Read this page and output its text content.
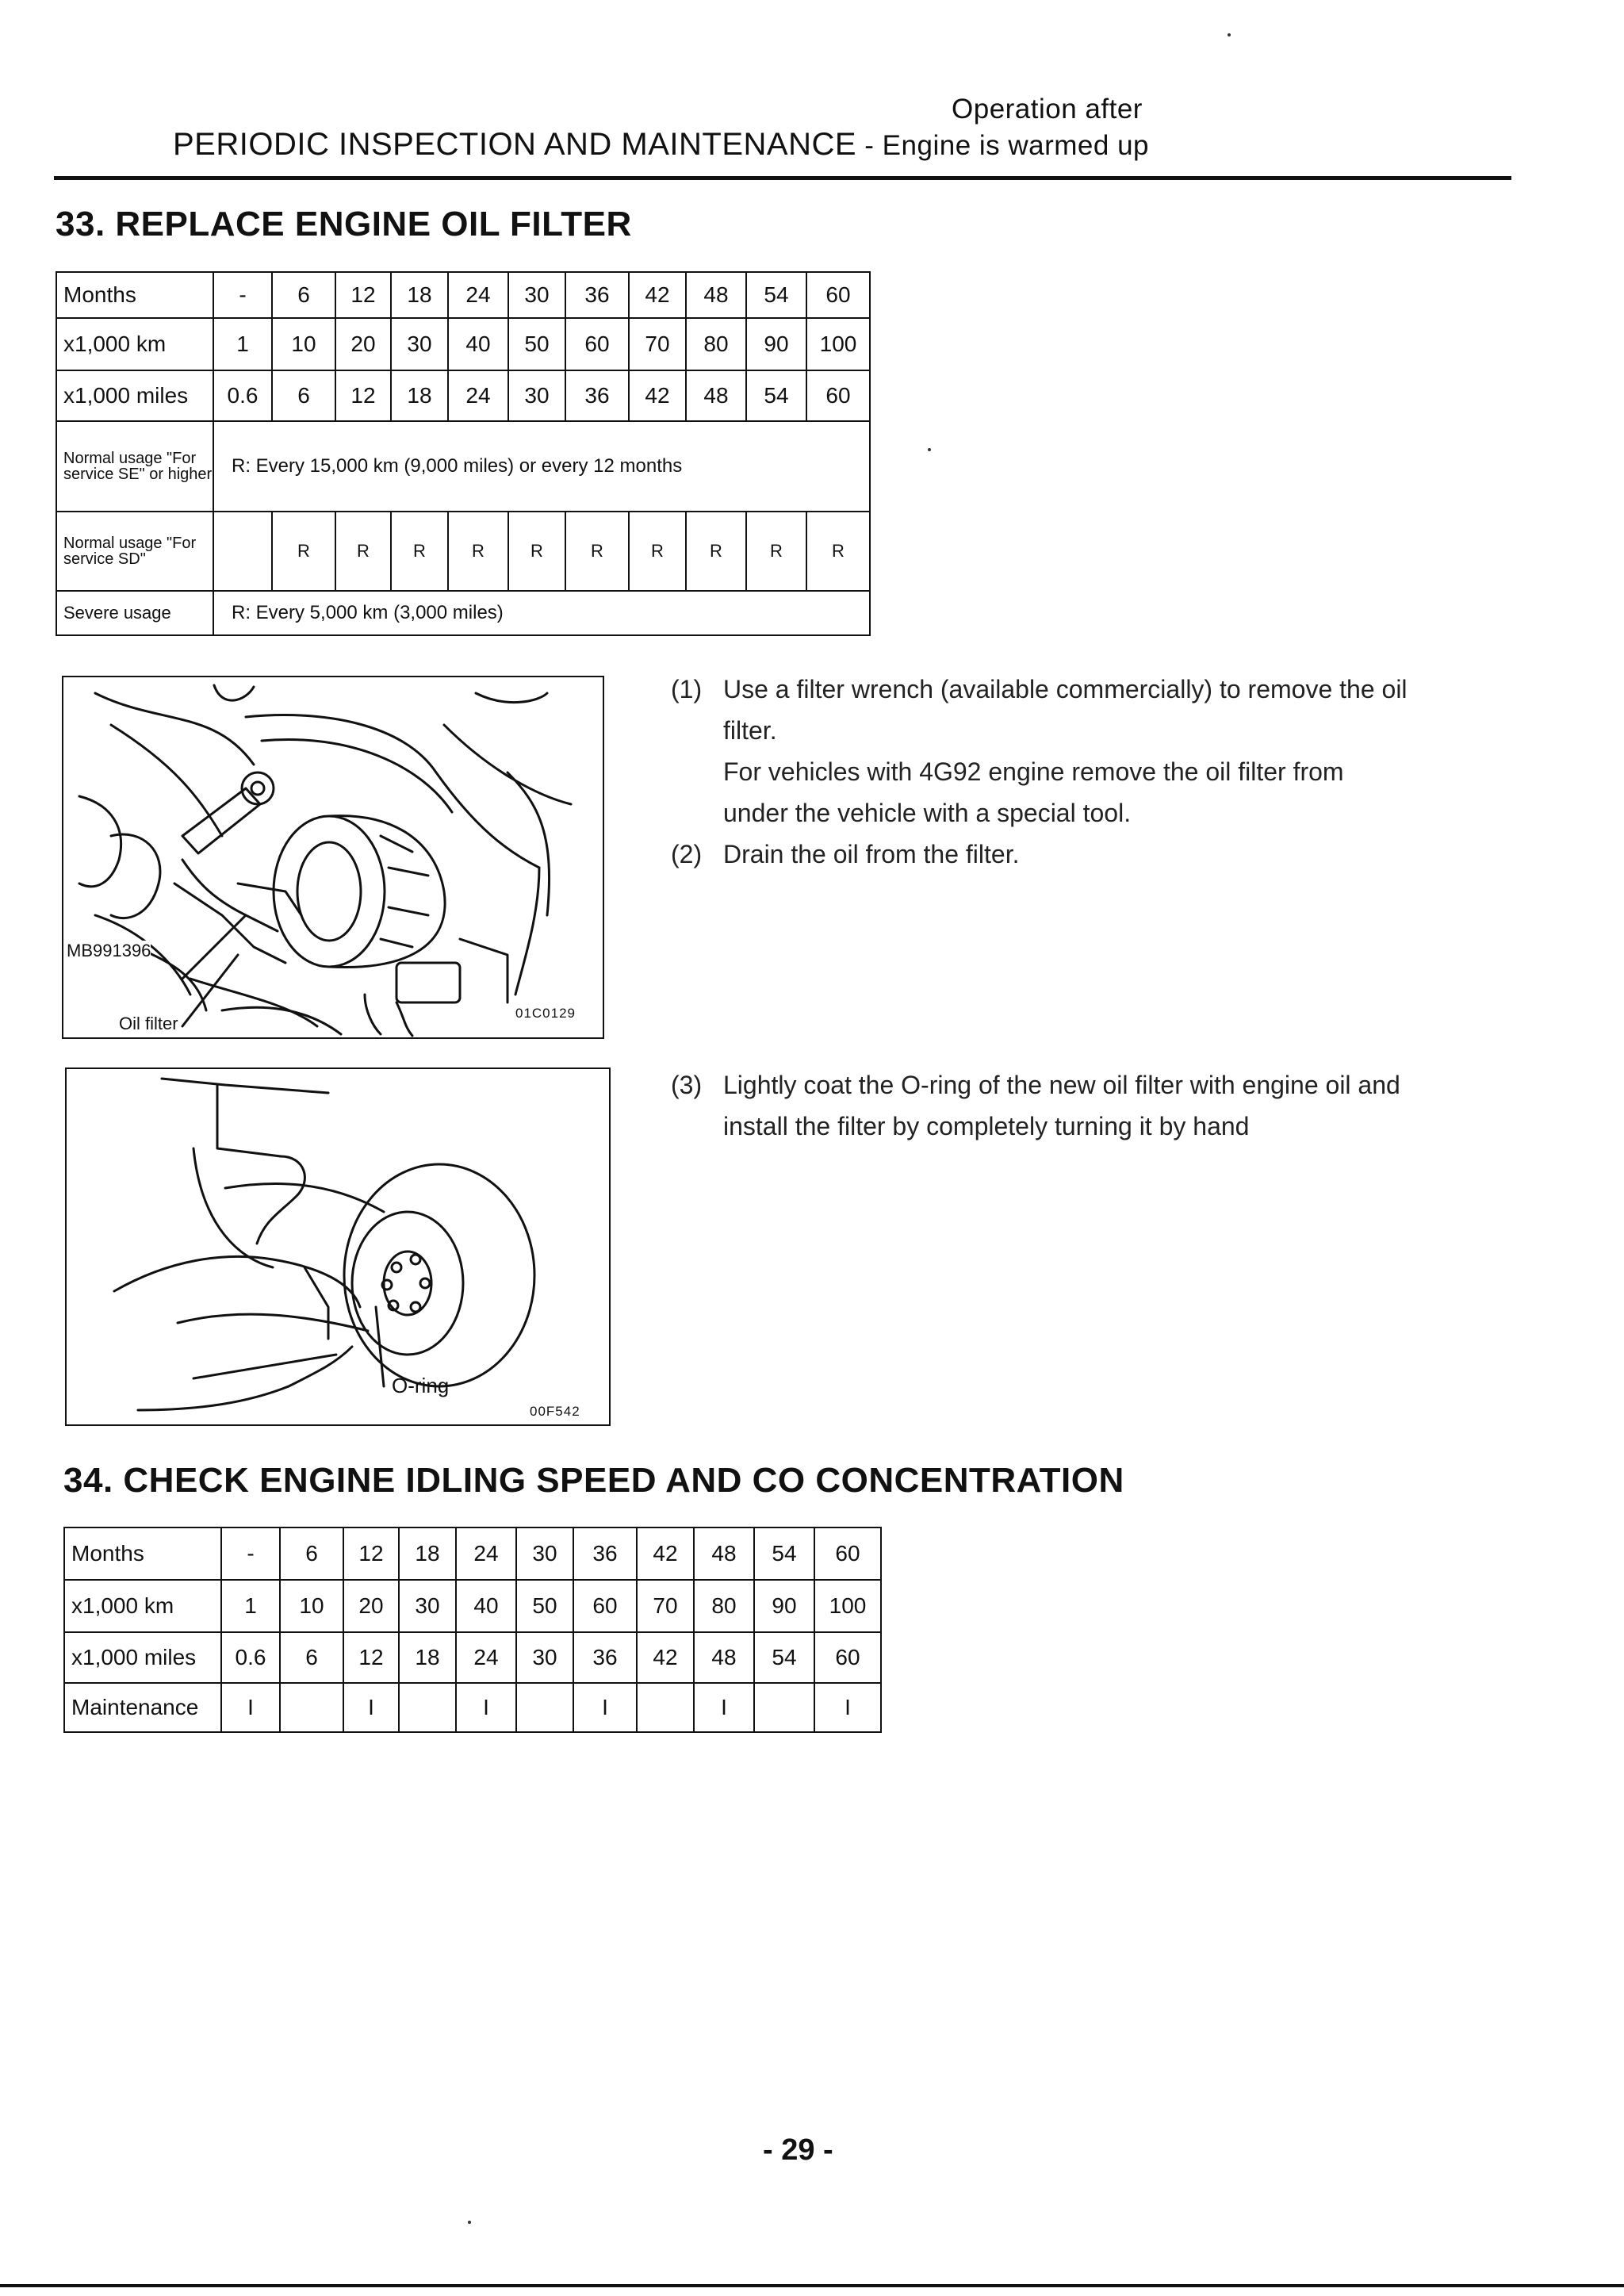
Operation after
PERIODIC INSPECTION AND MAINTENANCE - Engine is warmed up
33. REPLACE ENGINE OIL FILTER
Months	-	6	12	18	24	30	36	42	48	54	60
x1,000 km	1	10	20	30	40	50	60	70	80	90	100
x1,000 miles	0.6	6	12	18	24	30	36	42	48	54	60
Normal usage "For service SE" or higher	R: Every 15,000 km (9,000 miles) or every 12 months										
Normal usage "For service SD"		R	R	R	R	R	R	R	R	R	R
Severe usage	R: Every 5,000 km (3,000 miles)										
MB991396
Oil filter
01C0129
O-ring
00F542
(1) Use a filter wrench (available commercially) to remove the oil
filter.
For vehicles with 4G92 engine remove the oil filter from
under the vehicle with a special tool.
(2) Drain the oil from the filter.
(3) Lightly coat the O-ring of the new oil filter with engine oil and
install the filter by completely turning it by hand
34. CHECK ENGINE IDLING SPEED AND CO CONCENTRATION
Months	-	6	12	18	24	30	36	42	48	54	60
x1,000 km	1	10	20	30	40	50	60	70	80	90	100
x1,000 miles	0.6	6	12	18	24	30	36	42	48	54	60
Maintenance	I		I		I		I		I		I
- 29 -
